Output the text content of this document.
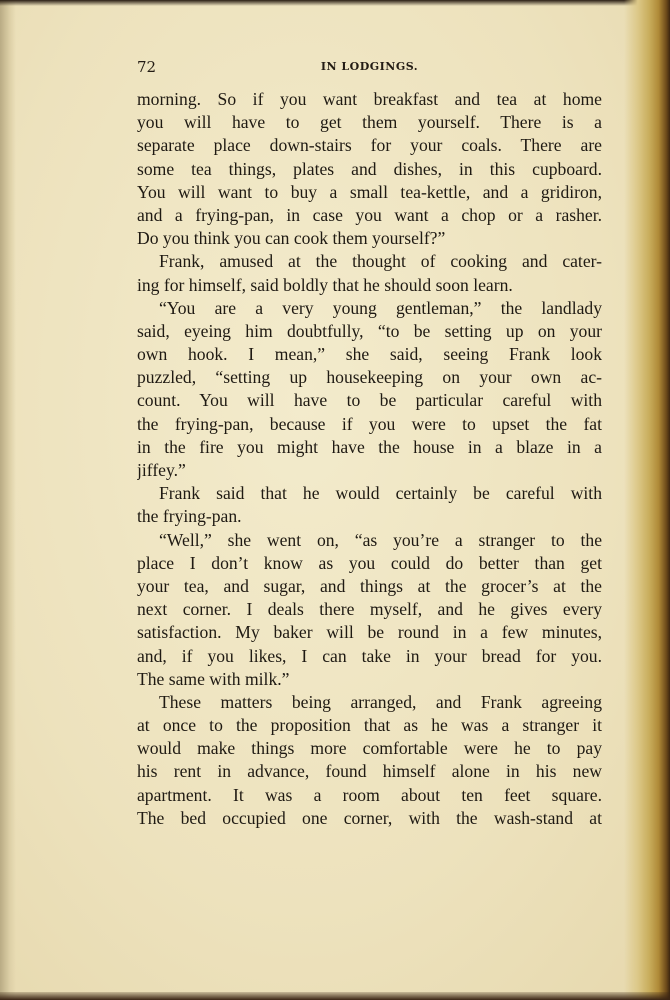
72	IN LODGINGS.
morning. So if you want breakfast and tea at home
you will have to get them yourself. There is a
separate place down-stairs for your coals. There are
some tea things, plates and dishes, in this cupboard.
You will want to buy a small tea-kettle, and a gridiron,
and a frying-pan, in case you want a chop or a rasher.
Do you think you can cook them yourself?”
Frank, amused at the thought of cooking and cater-
ing for himself, said boldly that he should soon learn.
“You are a very young gentleman,” the landlady
said, eyeing him doubtfully, “to be setting up on your
own hook. I mean,” she said, seeing Frank look
puzzled, “setting up housekeeping on your own ac-
count. You will have to be particular careful with
the frying-pan, because if you were to upset the fat
in the fire you might have the house in a blaze in a
jiffey.”
Frank said that he would certainly be careful with
the frying-pan.
“Well,” she went on, “as you’re a stranger to the
place I don’t know as you could do better than get
your tea, and sugar, and things at the grocer’s at the
next corner. I deals there myself, and he gives every
satisfaction. My baker will be round in a few minutes,
and, if you likes, I can take in your bread for you.
The same with milk.”
These matters being arranged, and Frank agreeing
at once to the proposition that as he was a stranger it
would make things more comfortable were he to pay
his rent in advance, found himself alone in his new
apartment. It was a room about ten feet square.
The bed occupied one corner, with the wash-stand at
